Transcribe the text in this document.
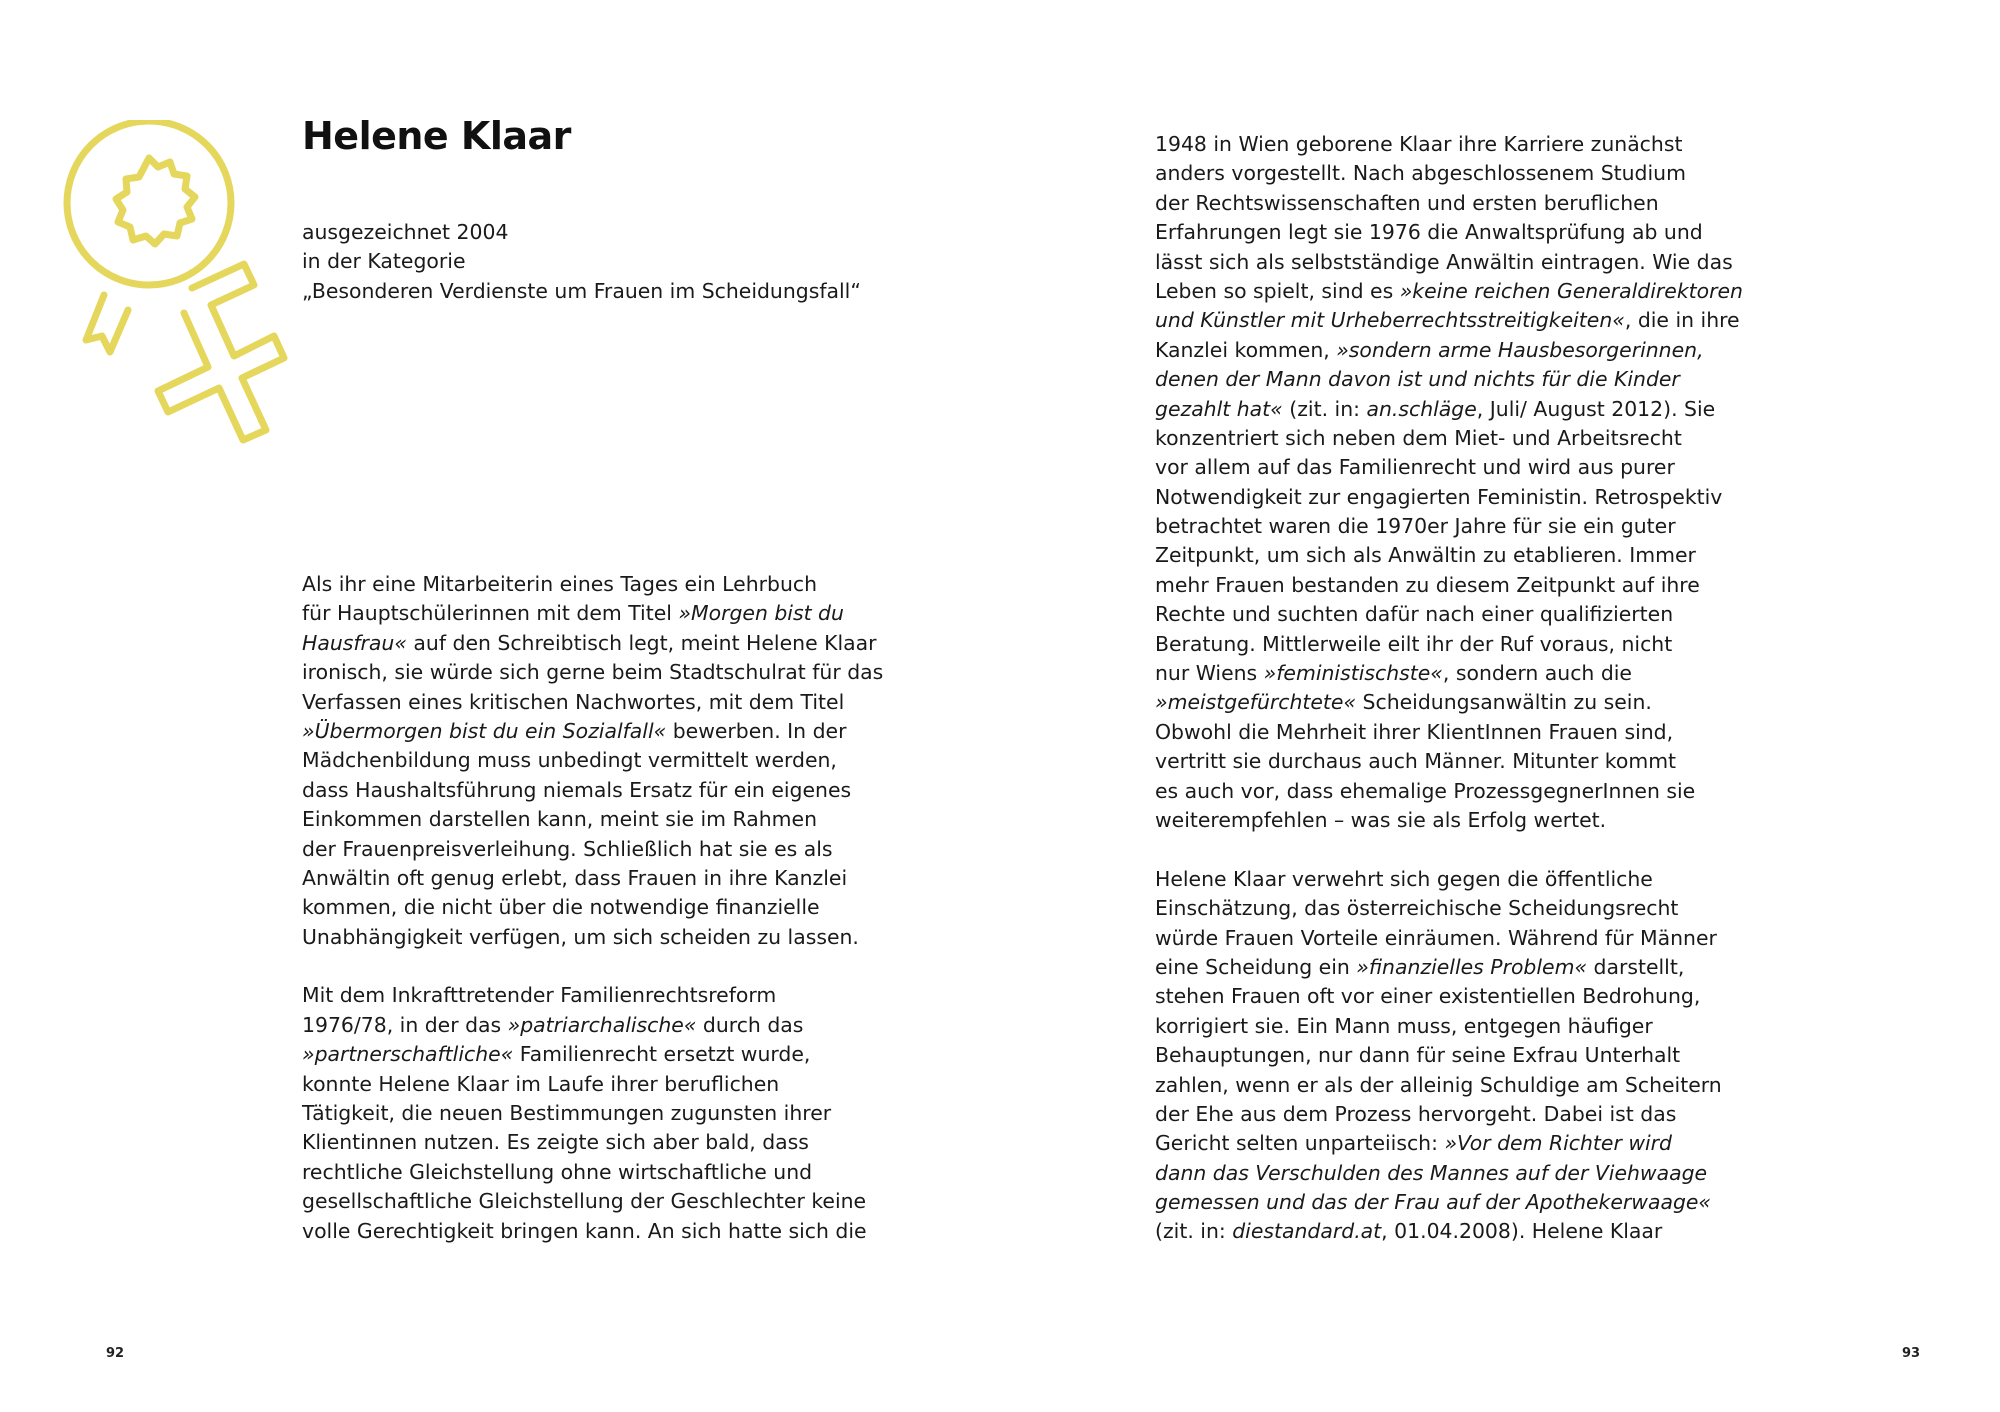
Helene Klaar
ausgezeichnet 2004
in der Kategorie
„Besonderen Verdienste um Frauen im Scheidungsfall“
Als ihr eine Mitarbeiterin eines Tages ein Lehrbuch
für Hauptschülerinnen mit dem Titel »Morgen bist du
Hausfrau« auf den Schreibtisch legt, meint Helene Klaar
ironisch, sie würde sich gerne beim Stadtschulrat für das
Verfassen eines kritischen Nachwortes, mit dem Titel
»Übermorgen bist du ein Sozialfall« bewerben. In der
Mädchenbildung muss unbedingt vermittelt werden,
dass Haushaltsführung niemals Ersatz für ein eigenes
Einkommen darstellen kann, meint sie im Rahmen
der Frauenpreisverleihung. Schließlich hat sie es als
Anwältin oft genug erlebt, dass Frauen in ihre Kanzlei
kommen, die nicht über die notwendige finanzielle
Unabhängigkeit verfügen, um sich scheiden zu lassen.
Mit dem Inkrafttretender Familienrechtsreform
1976/78, in der das »patriarchalische« durch das
»partnerschaftliche« Familienrecht ersetzt wurde,
konnte Helene Klaar im Laufe ihrer beruflichen
Tätigkeit, die neuen Bestimmungen zugunsten ihrer
Klientinnen nutzen. Es zeigte sich aber bald, dass
rechtliche Gleichstellung ohne wirtschaftliche und
gesellschaftliche Gleichstellung der Geschlechter keine
volle Gerechtigkeit bringen kann. An sich hatte sich die
1948 in Wien geborene Klaar ihre Karriere zunächst
anders vorgestellt. Nach abgeschlossenem Studium
der Rechtswissenschaften und ersten beruflichen
Erfahrungen legt sie 1976 die Anwaltsprüfung ab und
lässt sich als selbstständige Anwältin eintragen. Wie das
Leben so spielt, sind es »keine reichen Generaldirektoren
und Künstler mit Urheberrechtsstreitigkeiten«, die in ihre
Kanzlei kommen, »sondern arme Hausbesorgerinnen,
denen der Mann davon ist und nichts für die Kinder
gezahlt hat« (zit. in: an.schläge, Juli/ August 2012). Sie
konzentriert sich neben dem Miet- und Arbeitsrecht
vor allem auf das Familienrecht und wird aus purer
Notwendigkeit zur engagierten Feministin. Retrospektiv
betrachtet waren die 1970er Jahre für sie ein guter
Zeitpunkt, um sich als Anwältin zu etablieren. Immer
mehr Frauen bestanden zu diesem Zeitpunkt auf ihre
Rechte und suchten dafür nach einer qualifizierten
Beratung. Mittlerweile eilt ihr der Ruf voraus, nicht
nur Wiens »feministischste«, sondern auch die
»meistgefürchtete« Scheidungsanwältin zu sein.
Obwohl die Mehrheit ihrer KlientInnen Frauen sind,
vertritt sie durchaus auch Männer. Mitunter kommt
es auch vor, dass ehemalige ProzessgegnerInnen sie
weiterempfehlen – was sie als Erfolg wertet.
Helene Klaar verwehrt sich gegen die öffentliche
Einschätzung, das österreichische Scheidungsrecht
würde Frauen Vorteile einräumen. Während für Männer
eine Scheidung ein »finanzielles Problem« darstellt,
stehen Frauen oft vor einer existentiellen Bedrohung,
korrigiert sie. Ein Mann muss, entgegen häufiger
Behauptungen, nur dann für seine Exfrau Unterhalt
zahlen, wenn er als der alleinig Schuldige am Scheitern
der Ehe aus dem Prozess hervorgeht. Dabei ist das
Gericht selten unparteiisch: »Vor dem Richter wird
dann das Verschulden des Mannes auf der Viehwaage
gemessen und das der Frau auf der Apothekerwaage«
(zit. in: diestandard.at, 01.04.2008). Helene Klaar
92	93
